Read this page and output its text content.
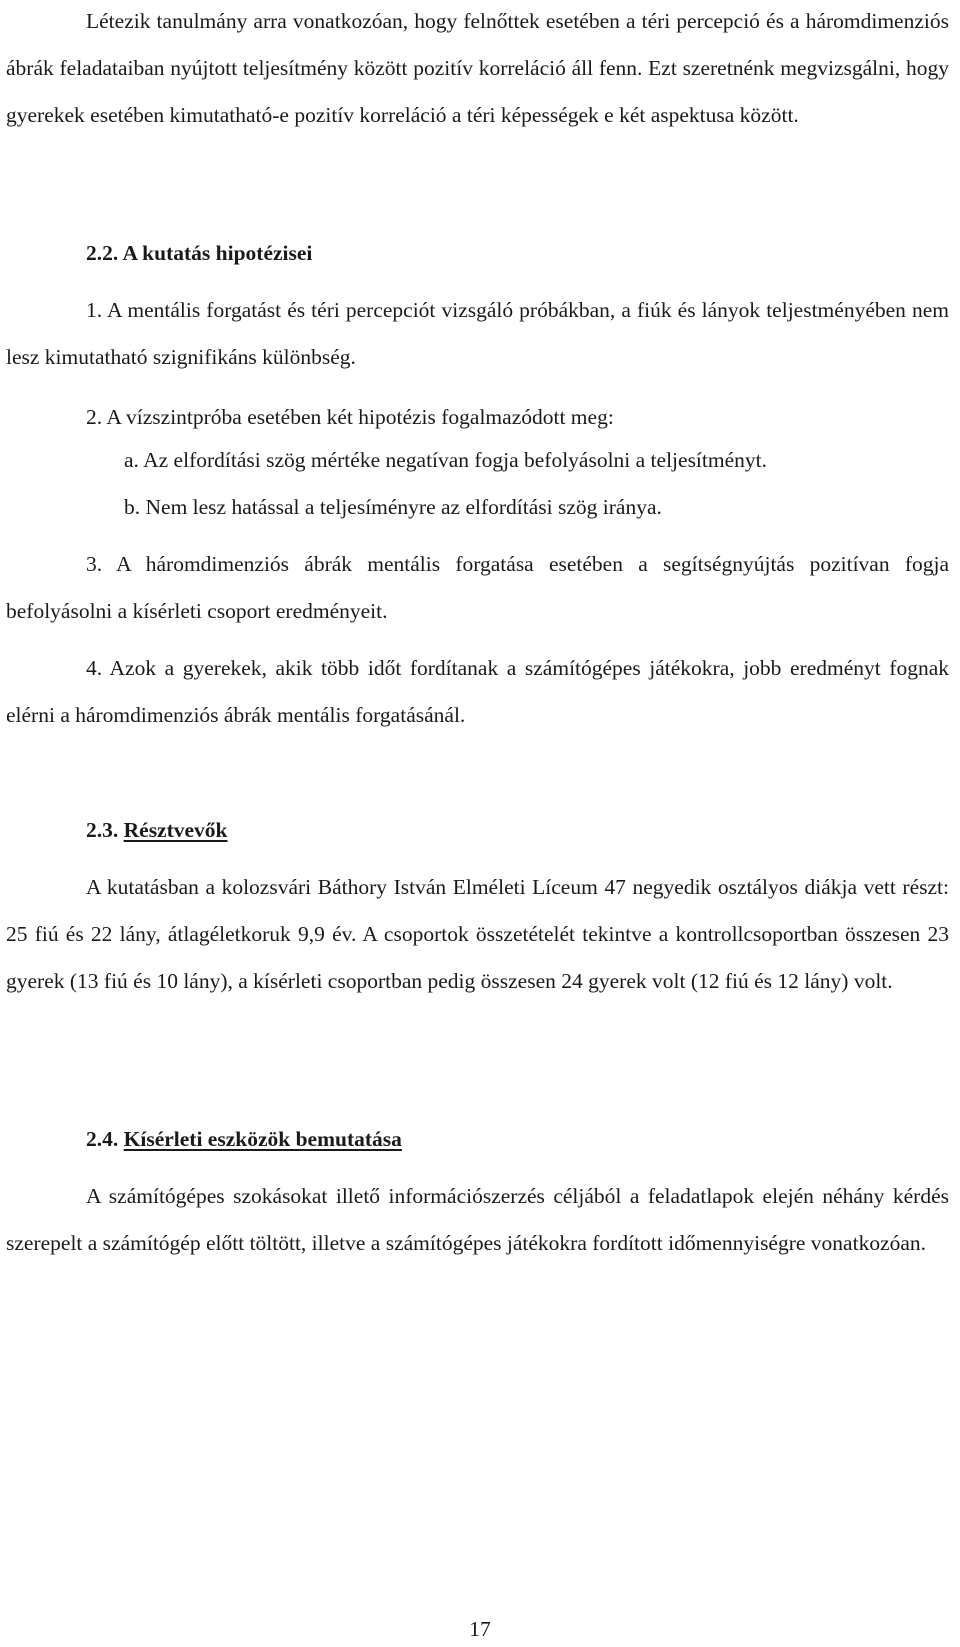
Létezik tanulmány arra vonatkozóan, hogy felnőttek esetében a téri percepció és a háromdimenziós ábrák feladataiban nyújtott teljesítmény között pozitív korreláció áll fenn. Ezt szeretnénk megvizsgálni, hogy gyerekek esetében kimutatható-e pozitív korreláció a téri képességek e két aspektusa között.

2.2. A kutatás hipotézisei

1. A mentális forgatást és téri percepciót vizsgáló próbákban, a fiúk és lányok teljestményében nem lesz kimutatható szignifikáns különbség.

2. A vízszintpróba esetében két hipotézis fogalmazódott meg:

a. Az elfordítási szög mértéke negatívan fogja befolyásolni a teljesítményt.

b. Nem lesz hatással a teljesíményre az elfordítási szög iránya.

3. A háromdimenziós ábrák mentális forgatása esetében a segítségnyújtás pozitívan fogja befolyásolni a kísérleti csoport eredményeit.

4. Azok a gyerekek, akik több időt fordítanak a számítógépes játékokra, jobb eredményt fognak elérni a háromdimenziós ábrák mentális forgatásánál.

2.3. Résztvevők

A kutatásban a kolozsvári Báthory István Elméleti Líceum 47 negyedik osztályos diákja vett részt: 25 fiú és 22 lány, átlagéletkoruk 9,9 év. A csoportok összetételét tekintve a kontrollcsoportban összesen 23 gyerek (13 fiú és 10 lány), a kísérleti csoportban pedig összesen 24 gyerek volt (12 fiú és 12 lány) volt.

2.4. Kísérleti eszközök bemutatása

A számítógépes szokásokat illető információszerzés céljából a feladatlapok elején néhány kérdés szerepelt a számítógép előtt töltött, illetve a számítógépes játékokra fordított időmennyiségre vonatkozóan.

17
